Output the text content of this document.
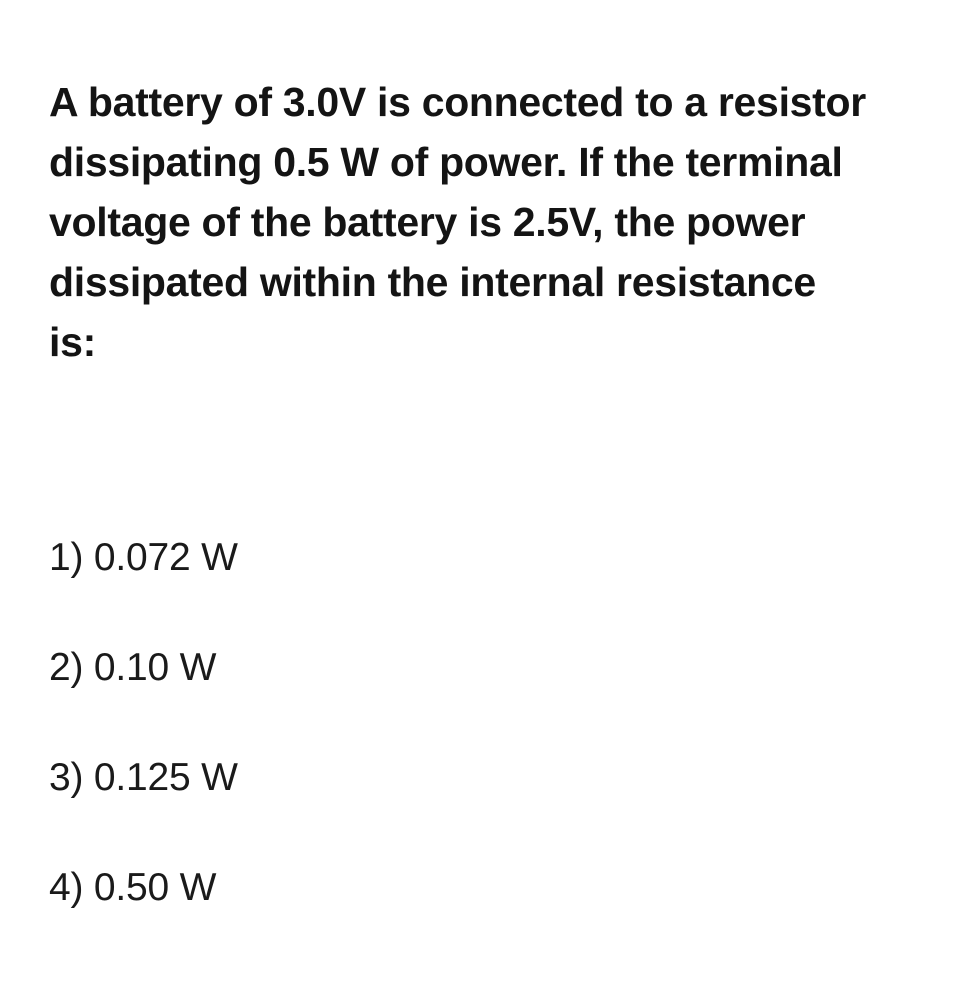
A battery of 3.0V is connected to a resistor
dissipating 0.5 W of power. If the terminal
voltage of the battery is 2.5V, the power
dissipated within the internal resistance
is:

1) 0.072 W
2) 0.10 W
3) 0.125 W
4) 0.50 W
